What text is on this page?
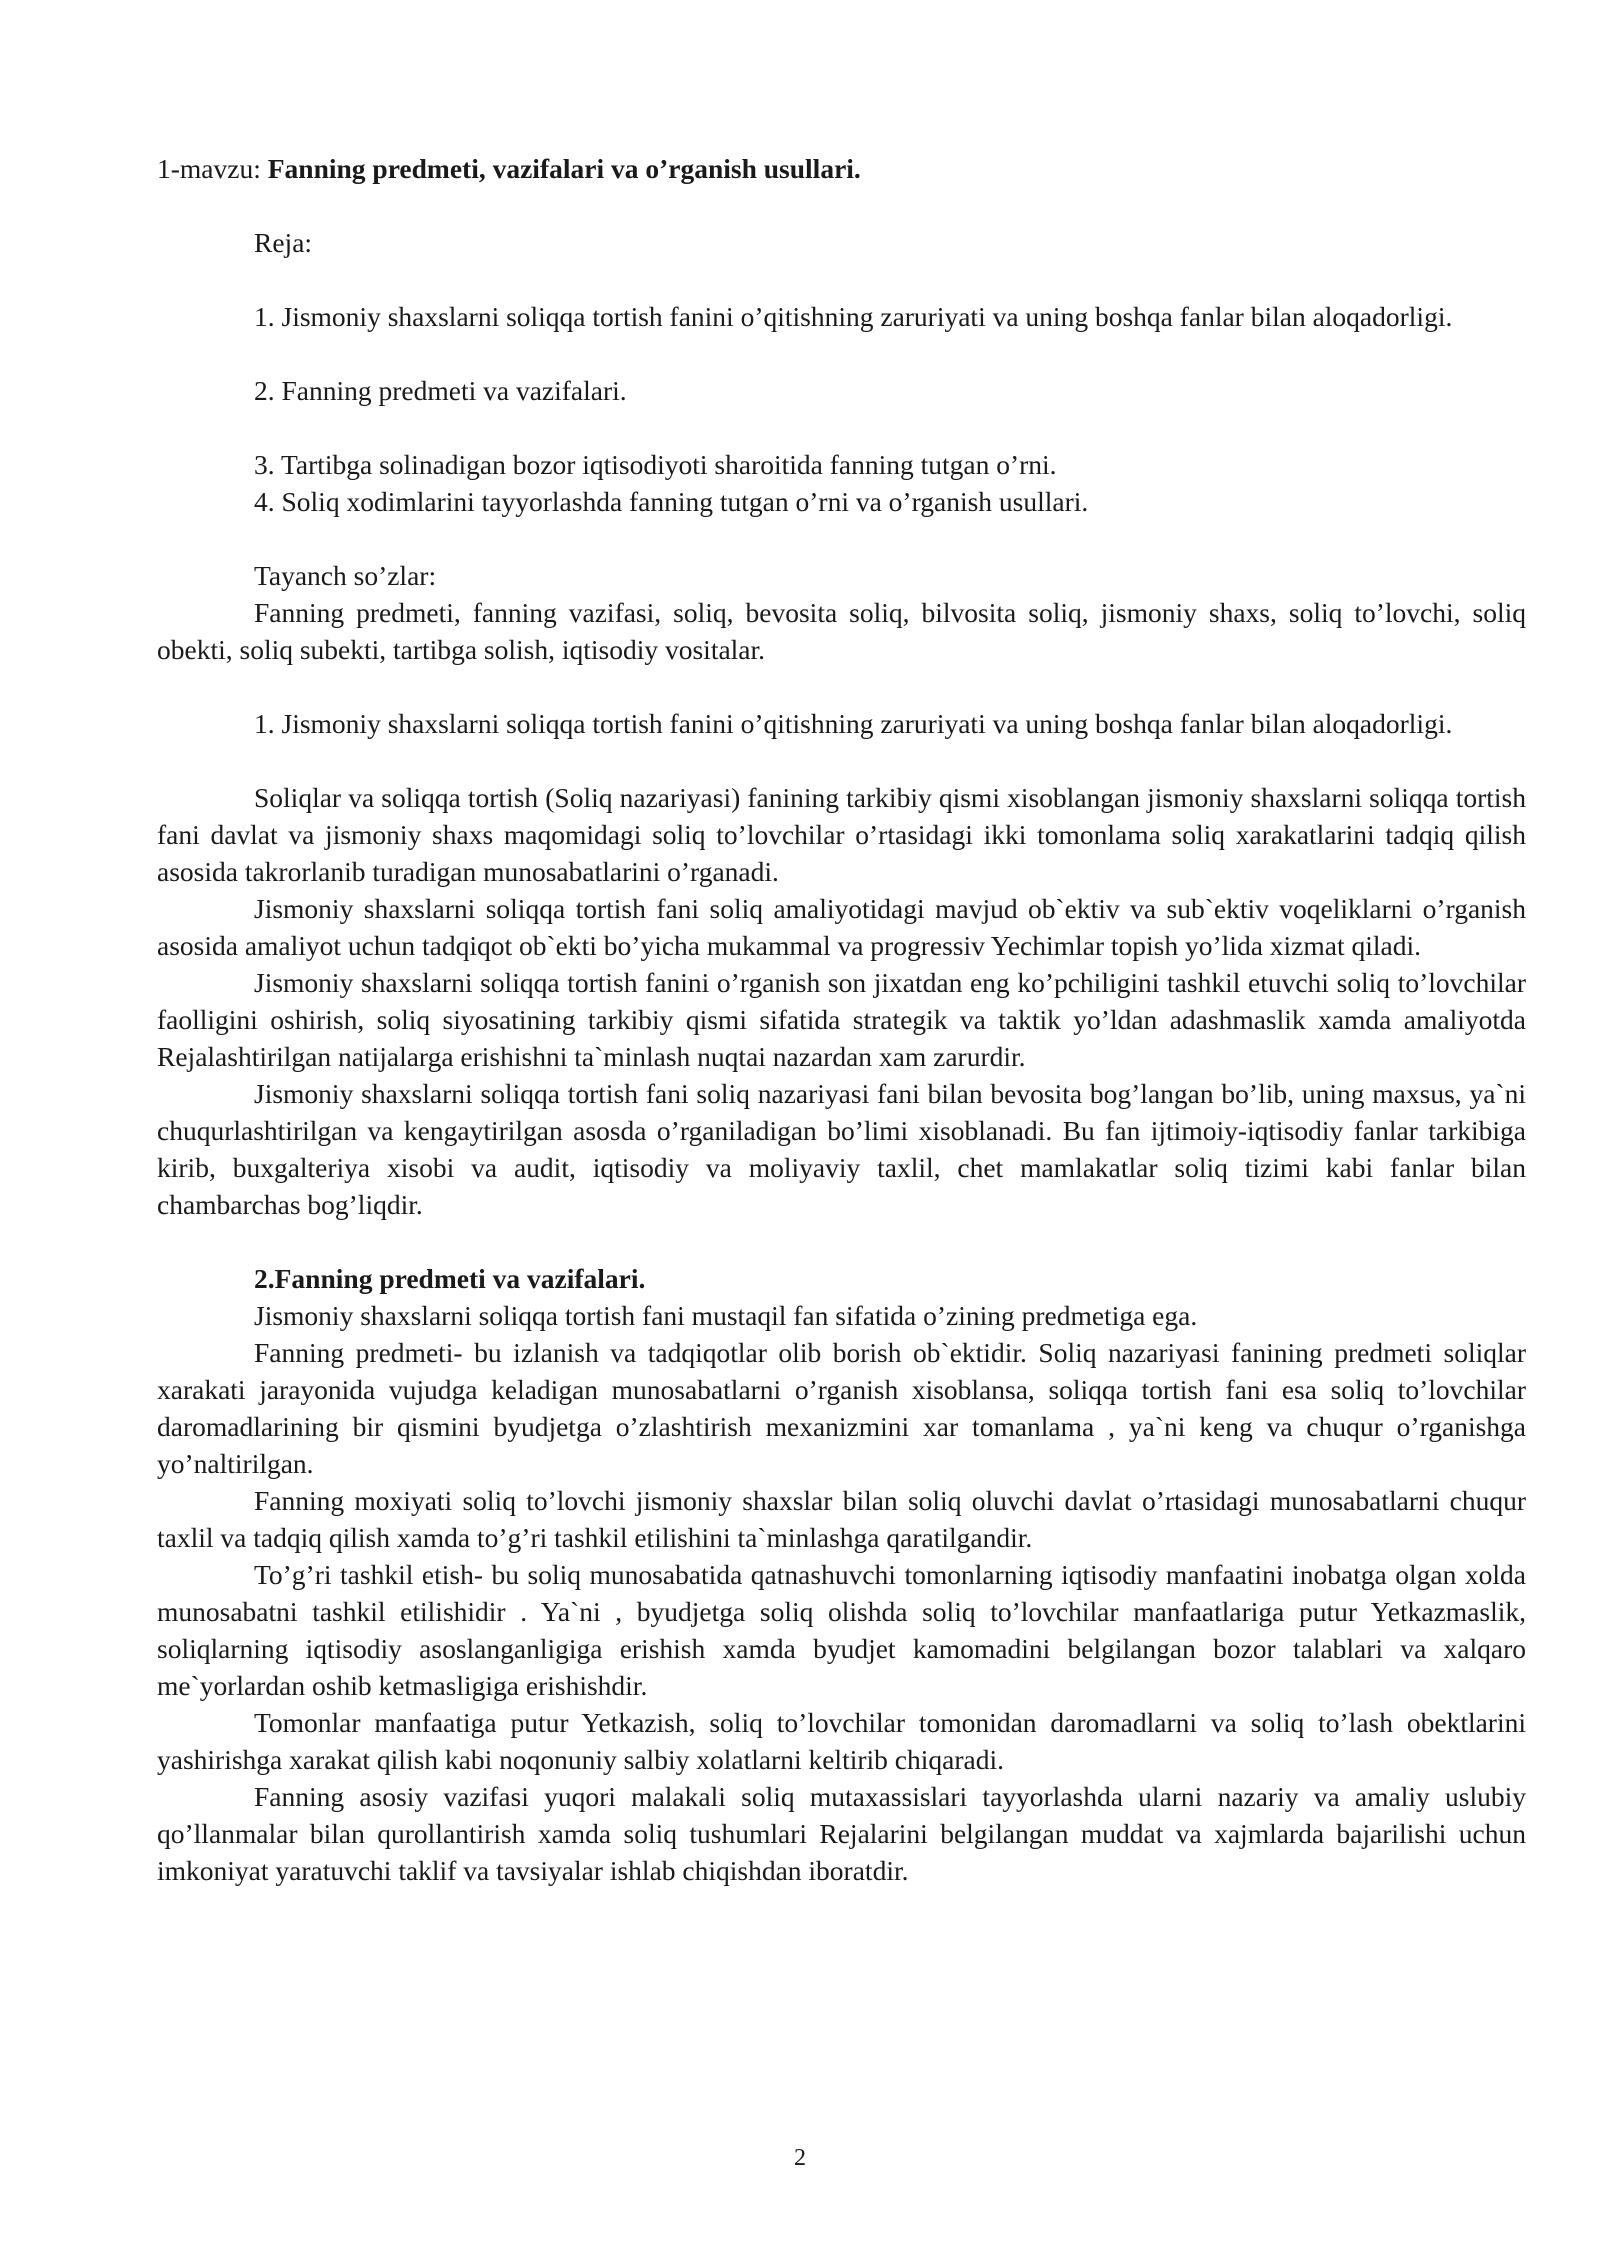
1-mavzu: Fanning predmeti, vazifalari va o’rganish usullari.

Reja:

1. Jismoniy shaxslarni soliqqa tortish fanini o’qitishning zaruriyati va uning boshqa fanlar bilan aloqadorligi.

2. Fanning predmeti va vazifalari.

3. Tartibga solinadigan bozor iqtisodiyoti sharoitida fanning tutgan o’rni.

4. Soliq xodimlarini tayyorlashda fanning tutgan o’rni va o’rganish usullari.

Tayanch so’zlar:

Fanning predmeti, fanning vazifasi, soliq, bevosita soliq, bilvosita soliq, jismoniy shaxs, soliq to’lovchi, soliq obekti, soliq subekti, tartibga solish, iqtisodiy vositalar.

1. Jismoniy shaxslarni soliqqa tortish fanini o’qitishning zaruriyati va uning boshqa fanlar bilan aloqadorligi.

Soliqlar va soliqqa tortish (Soliq nazariyasi) fanining tarkibiy qismi xisoblangan jismoniy shaxslarni soliqqa tortish fani davlat va jismoniy shaxs maqomidagi soliq to’lovchilar o’rtasidagi ikki tomonlama soliq xarakatlarini tadqiq qilish asosida takrorlanib turadigan munosabatlarini o’rganadi.

Jismoniy shaxslarni soliqqa tortish fani soliq amaliyotidagi mavjud ob`ektiv va sub`ektiv voqeliklarni o’rganish asosida amaliyot uchun tadqiqot ob`ekti bo’yicha mukammal va progressiv Yechimlar topish yo’lida xizmat qiladi.

Jismoniy shaxslarni soliqqa tortish fanini o’rganish son jixatdan eng ko’pchiligini tashkil etuvchi soliq to’lovchilar faolligini oshirish, soliq siyosatining tarkibiy qismi sifatida strategik va taktik yo’ldan adashmaslik xamda amaliyotda Rejalashtirilgan natijalarga erishishni ta`minlash nuqtai nazardan xam zarurdir.

Jismoniy shaxslarni soliqqa tortish fani soliq nazariyasi fani bilan bevosita bog’langan bo’lib, uning maxsus, ya`ni chuqurlashtirilgan va kengaytirilgan asosda o’rganiladigan bo’limi xisoblanadi. Bu fan ijtimoiy-iqtisodiy fanlar tarkibiga kirib, buxgalteriya xisobi va audit, iqtisodiy va moliyaviy taxlil, chet mamlakatlar soliq tizimi kabi fanlar bilan chambarchas bog’liqdir.

2.Fanning predmeti va vazifalari.

Jismoniy shaxslarni soliqqa tortish fani mustaqil fan sifatida o’zining predmetiga ega.

Fanning predmeti- bu izlanish va tadqiqotlar olib borish ob`ektidir. Soliq nazariyasi fanining predmeti soliqlar xarakati jarayonida vujudga keladigan munosabatlarni o’rganish xisoblansa, soliqqa tortish fani esa soliq to’lovchilar daromadlarining bir qismini byudjetga o’zlashtirish mexanizmini xar tomanlama , ya`ni keng va chuqur o’rganishga yo’naltirilgan.

Fanning moxiyati soliq to’lovchi jismoniy shaxslar bilan soliq oluvchi davlat o’rtasidagi munosabatlarni chuqur taxlil va tadqiq qilish xamda to’g’ri tashkil etilishini ta`minlashga qaratilgandir.

To’g’ri tashkil etish- bu soliq munosabatida qatnashuvchi tomonlarning iqtisodiy manfaatini inobatga olgan xolda munosabatni tashkil etilishidir . Ya`ni , byudjetga soliq olishda soliq to’lovchilar manfaatlariga putur Yetkazmaslik, soliqlarning iqtisodiy asoslanganligiga erishish xamda byudjet kamomadini belgilangan bozor talablari va xalqaro me`yorlardan oshib ketmasligiga erishishdir.

Tomonlar manfaatiga putur Yetkazish, soliq to’lovchilar tomonidan daromadlarni va soliq to’lash obektlarini yashirishga xarakat qilish kabi noqonuniy salbiy xolatlarni keltirib chiqaradi.

Fanning asosiy vazifasi yuqori malakali soliq mutaxassislari tayyorlashda ularni nazariy va amaliy uslubiy qo’llanmalar bilan qurollantirish xamda soliq tushumlari Rejalarini belgilangan muddat va xajmlarda bajarilishi uchun imkoniyat yaratuvchi taklif va tavsiyalar ishlab chiqishdan iboratdir.

2
